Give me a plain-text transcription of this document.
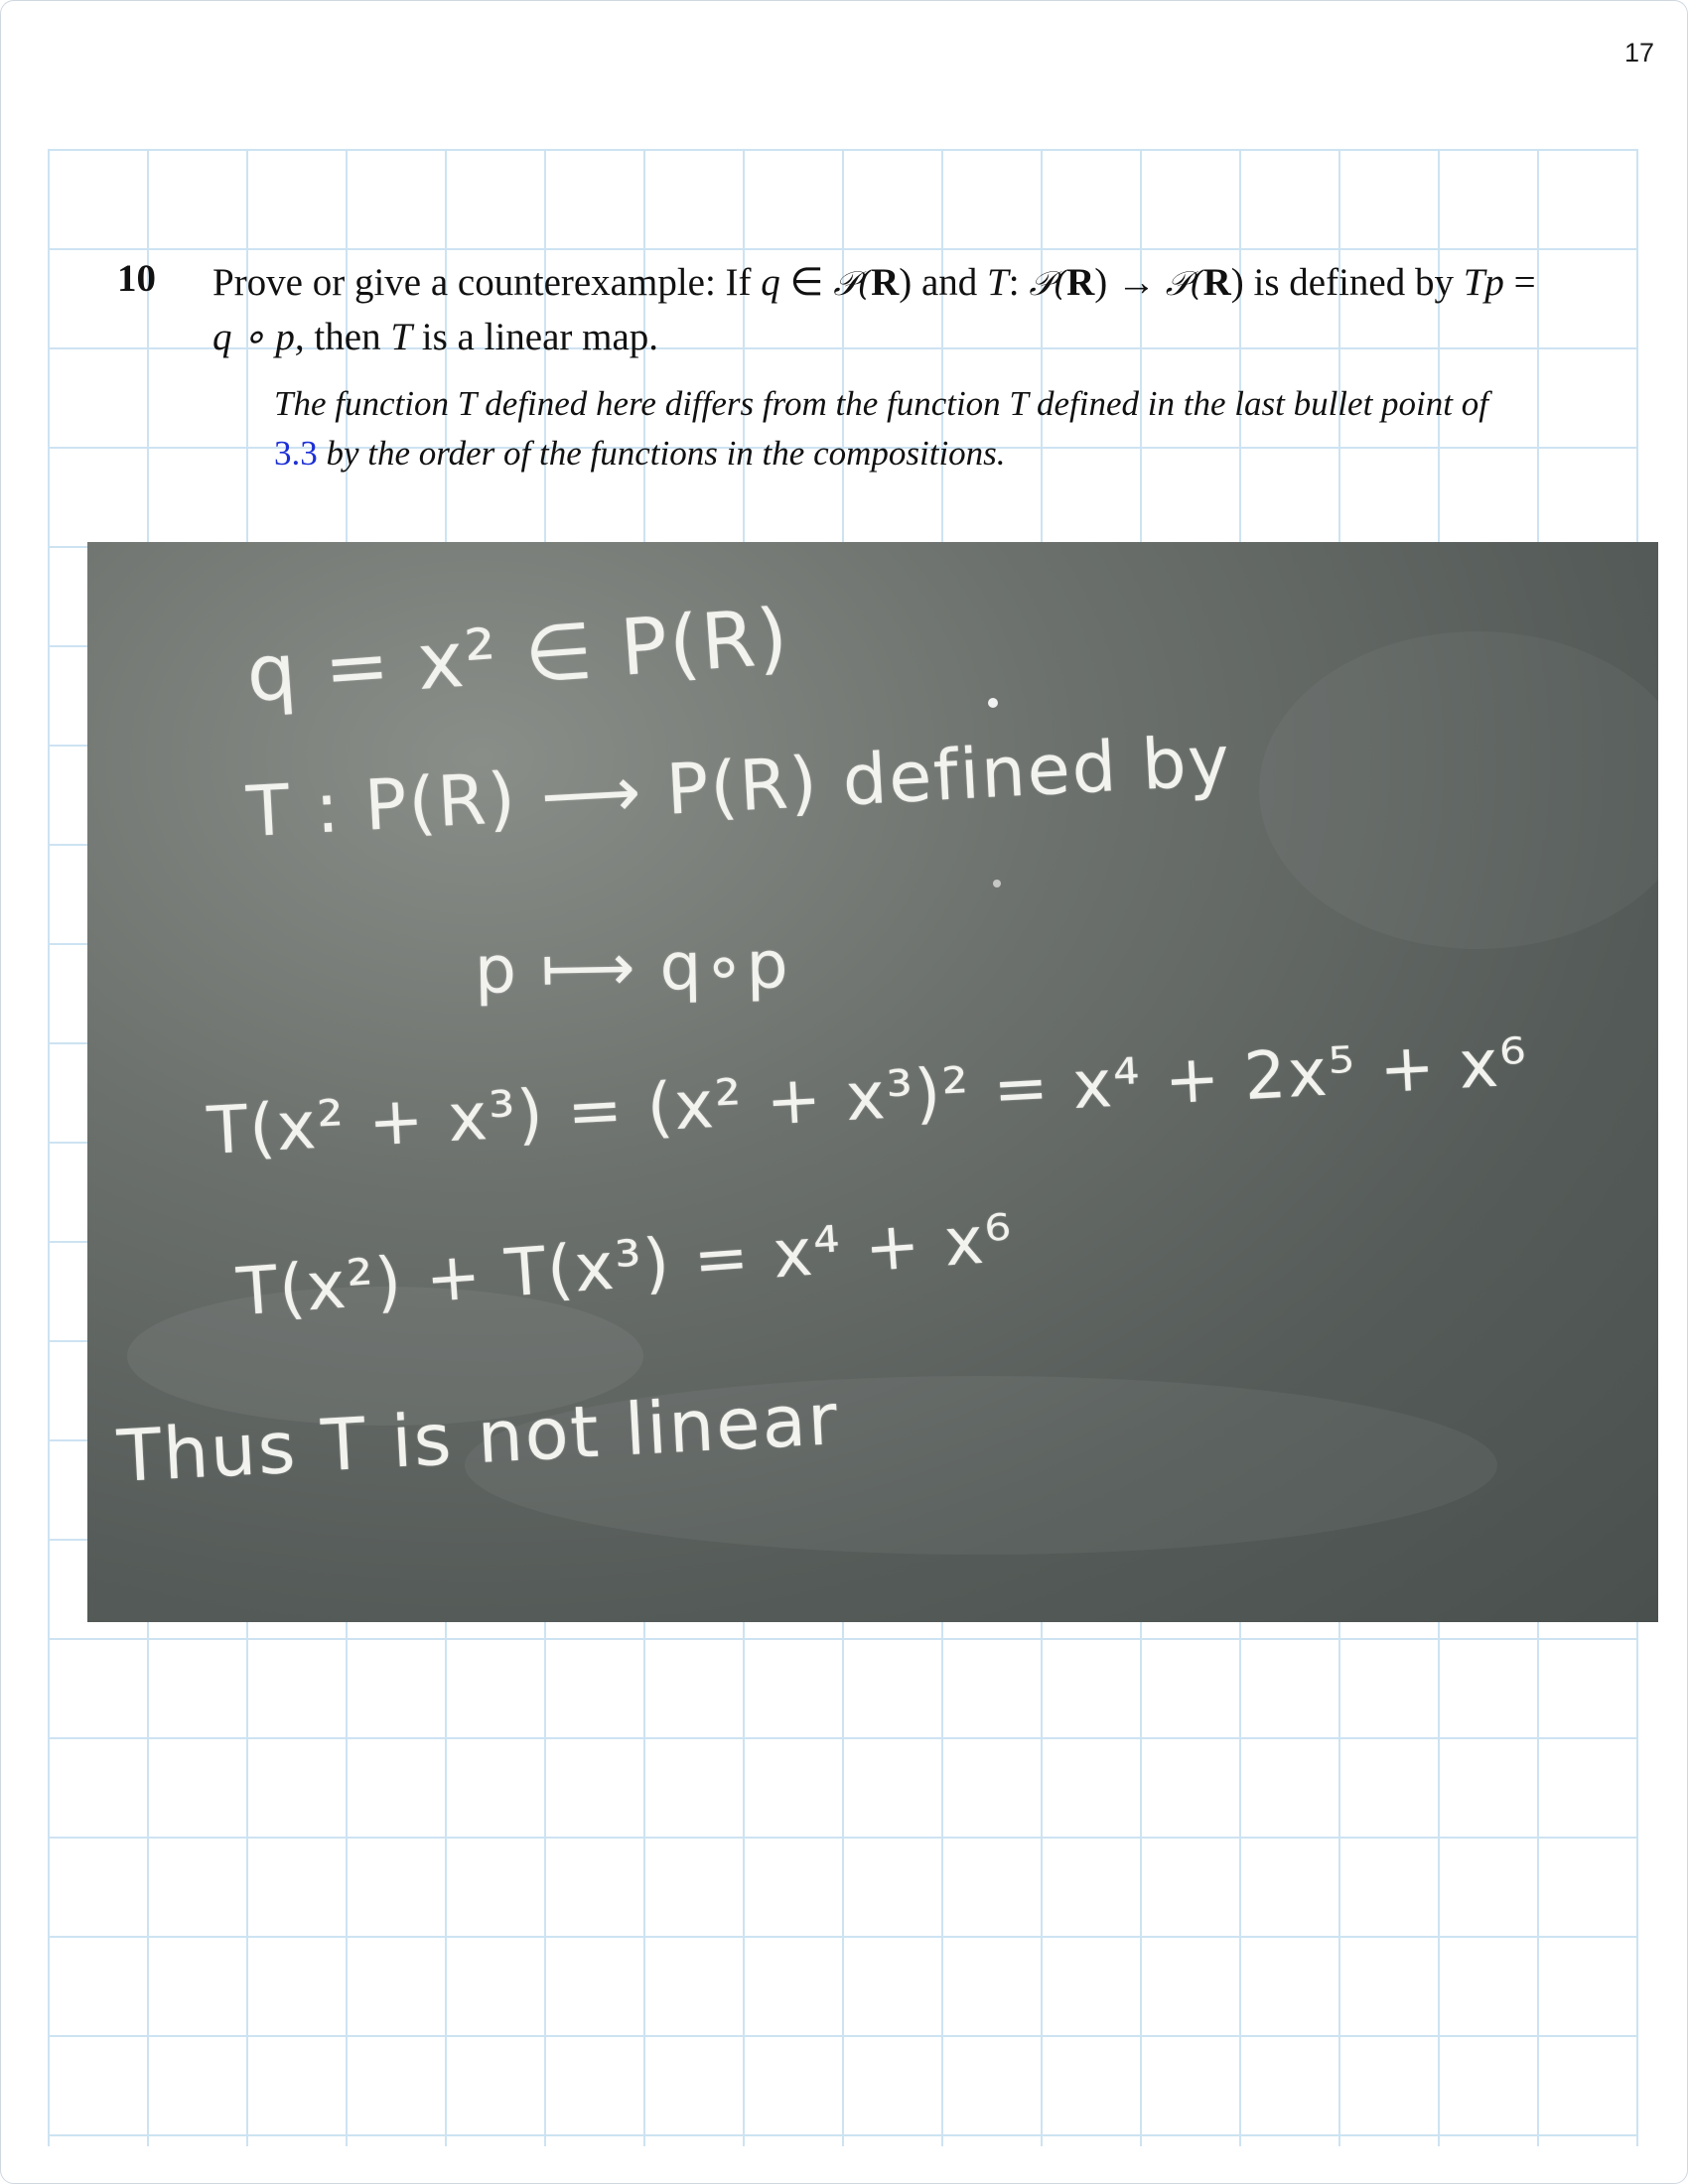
17
10 Prove or give a counterexample: If q ∈ 𝒫(R) and T: 𝒫(R) → 𝒫(R) is defined by Tp = q ∘ p, then T is a linear map.
The function T defined here differs from the function T defined in the last bullet point of 3.3 by the order of the functions in the compositions.

q = x² ∈ P(R)

T : P(R) ⟶ P(R) defined by

p ⟼ q∘p

T(x² + x³) = (x² + x³)² = x⁴ + 2x⁵ + x⁶

T(x²) + T(x³) = x⁴ + x⁶

Thus T is not linear
